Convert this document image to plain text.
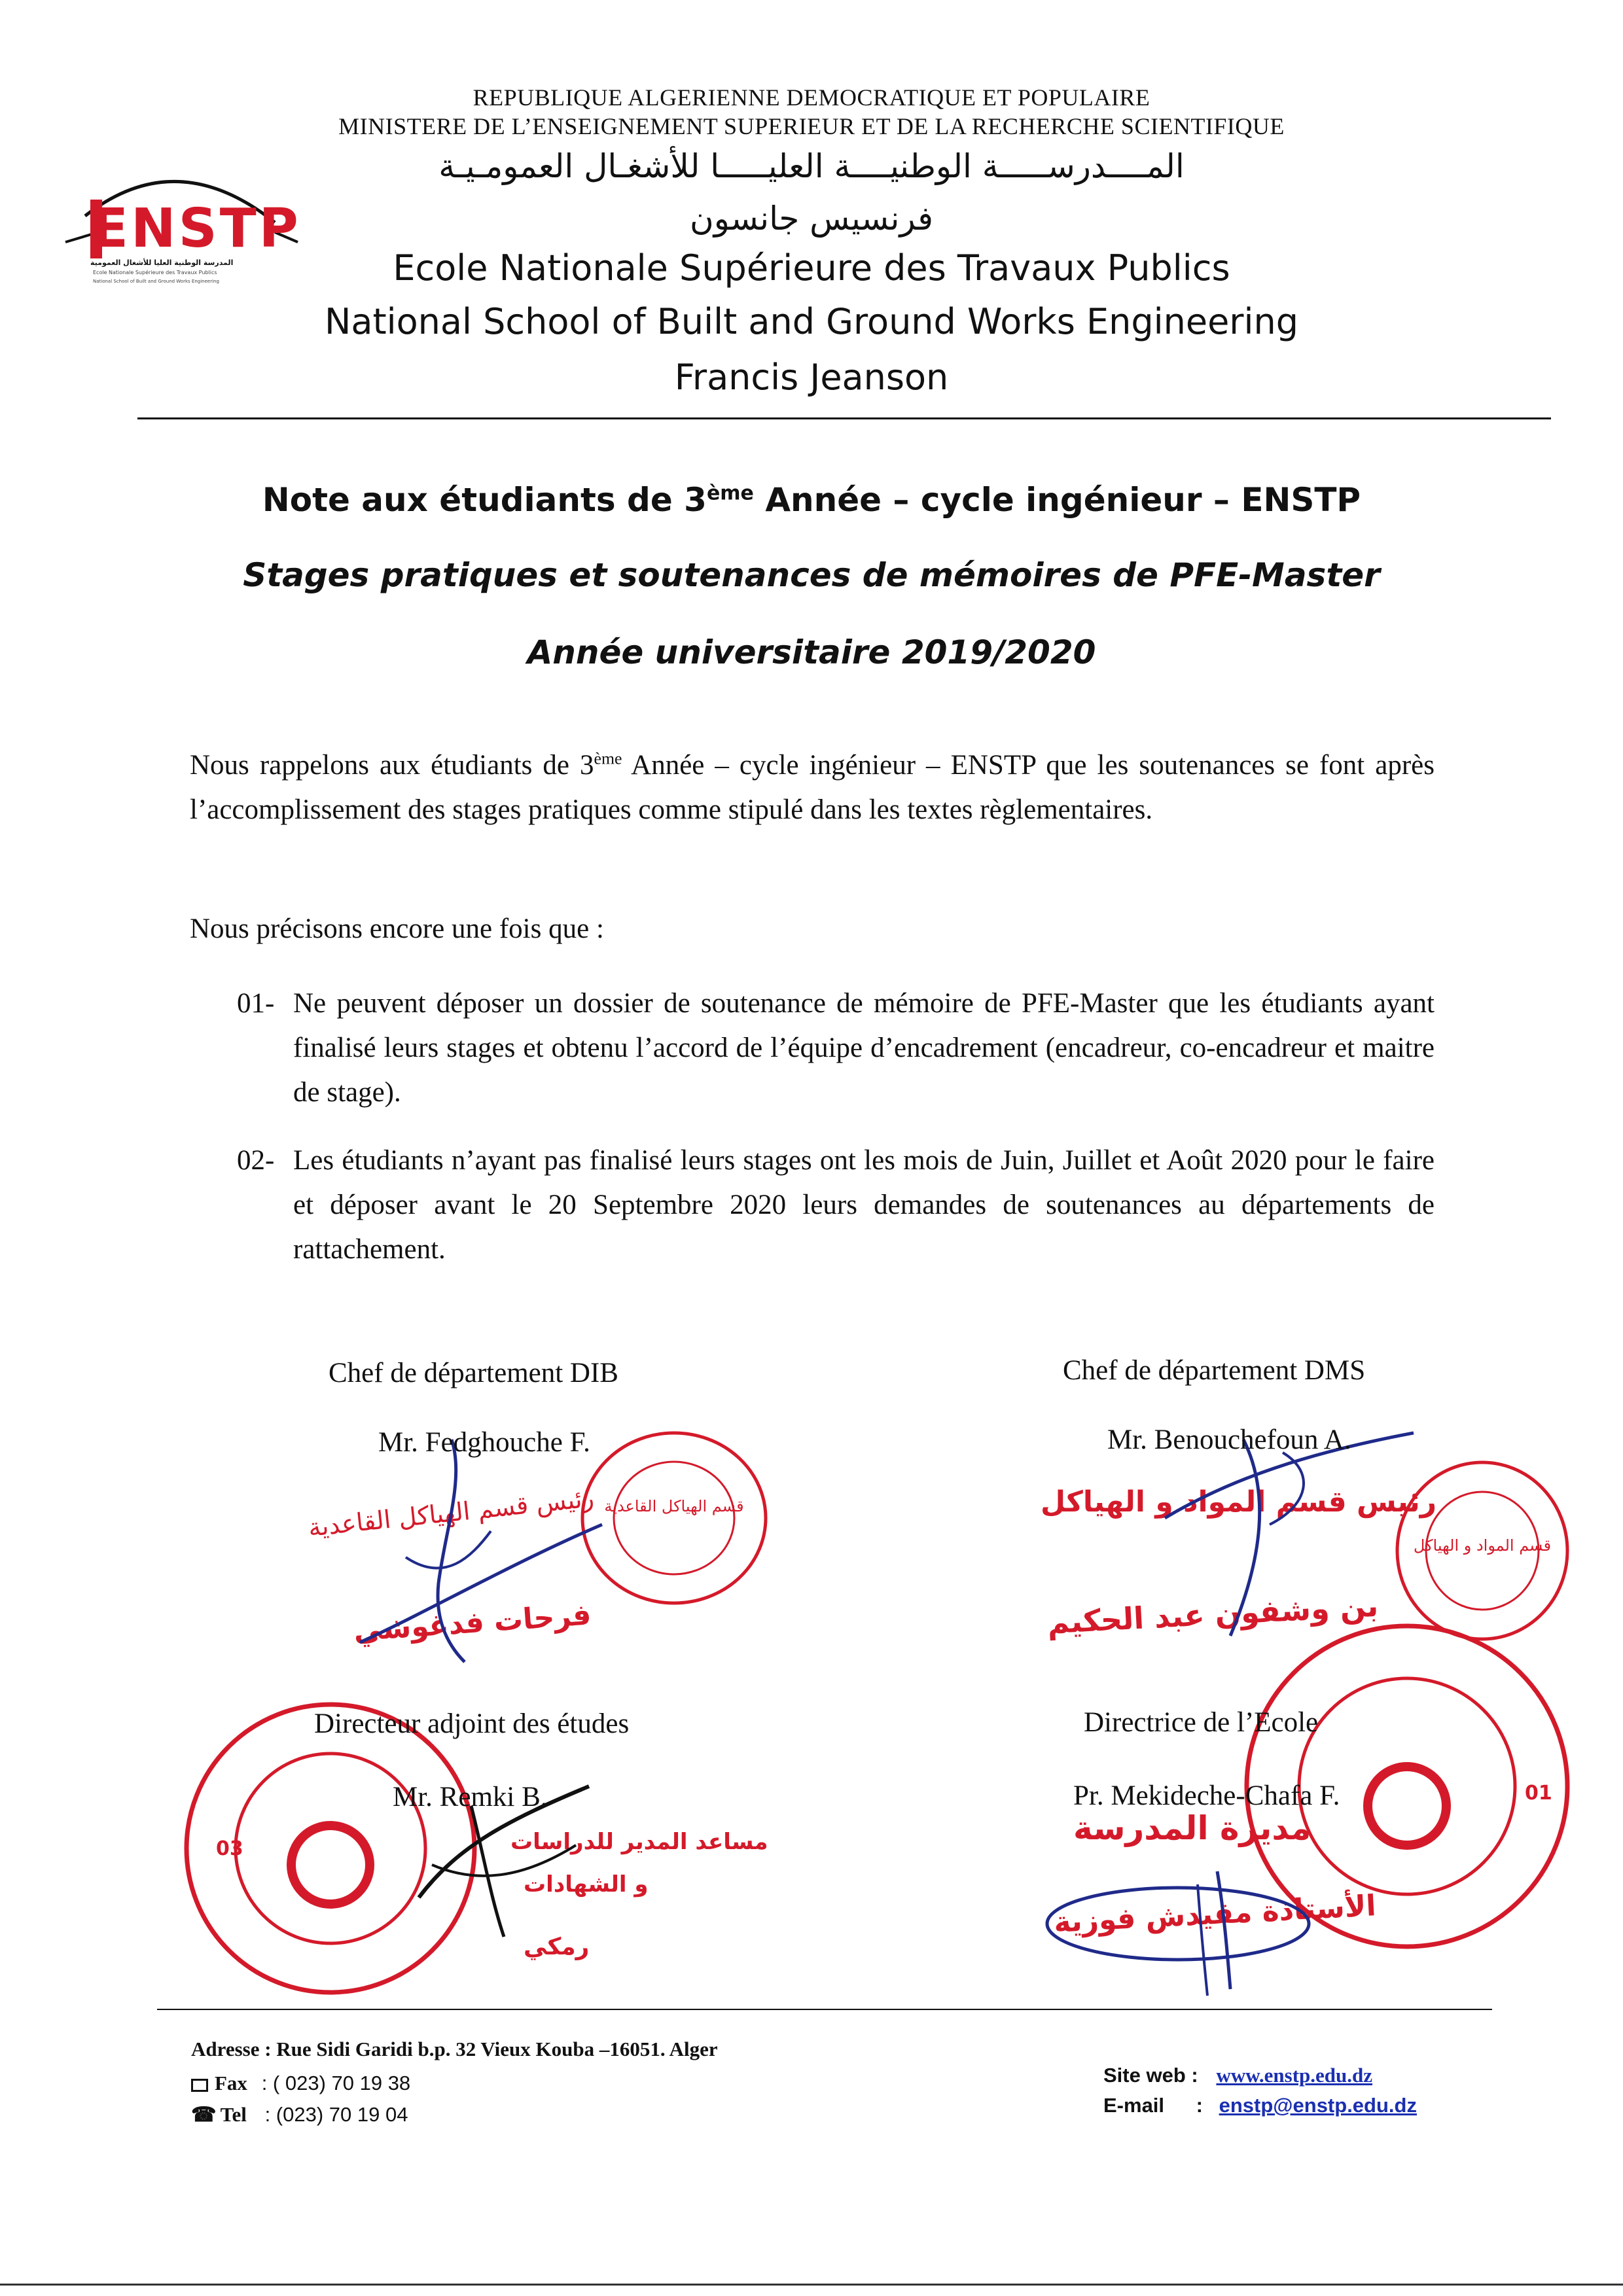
ENSTP
المدرسة الوطنية العليا للأشغال العمومية
Ecole Nationale Supérieure des Travaux Publics
National School of Built and Ground Works Engineering
REPUBLIQUE ALGERIENNE DEMOCRATIQUE ET POPULAIRE
MINISTERE DE L’ENSEIGNEMENT SUPERIEUR ET DE LA RECHERCHE SCIENTIFIQUE
المــــدرســـــة الوطنيــــة العليـــــا للأشغـال العمومـيـة
فرنسيس جانسون
Ecole Nationale Supérieure des Travaux Publics
National School of Built and Ground Works Engineering
Francis Jeanson
Note aux étudiants de 3ème Année – cycle ingénieur – ENSTP
Stages pratiques et soutenances de mémoires de PFE-Master
Année universitaire 2019/2020
Nous rappelons aux étudiants de 3ème Année – cycle ingénieur – ENSTP que les soutenances se font après l’accomplissement des stages pratiques comme stipulé dans les textes règlementaires.
Nous précisons encore une fois que :
01- Ne peuvent déposer un dossier de soutenance de mémoire de PFE-Master que les étudiants ayant finalisé leurs stages et obtenu l’accord de l’équipe d’encadrement (encadreur, co-encadreur et maitre de stage).
02- Les étudiants n’ayant pas finalisé leurs stages ont les mois de Juin, Juillet et Août 2020 pour le faire et déposer avant le 20 Septembre 2020 leurs demandes de soutenances au départements de rattachement.
قسم الهياكل القاعدية
رئيس قسم الهياكل القاعدية
فرحات فدغوشي
قسم المواد و الهياكل
رئيس قسم المواد و الهياكل
بن وشفون عبد الحكيم
03	مساعد المدير للدراسات
و الشهادات
رمكي
01
مديرة المدرسة
الأستاذة مقيدش فوزية
Chef de département DIB
Mr. Fedghouche F.
Chef de département DMS
Mr. Benouchefoun A.
Directeur adjoint des études
Mr. Remki B.
Directrice de l’Ecole
Pr. Mekideche-Chafa F.
Adresse : Rue Sidi Garidi b.p. 32 Vieux Kouba –16051. Alger
Fax : ( 023) 70 19 38
☎ Tel : (023) 70 19 04
Site web : www.enstp.edu.dz
E-mail : enstp@enstp.edu.dz
